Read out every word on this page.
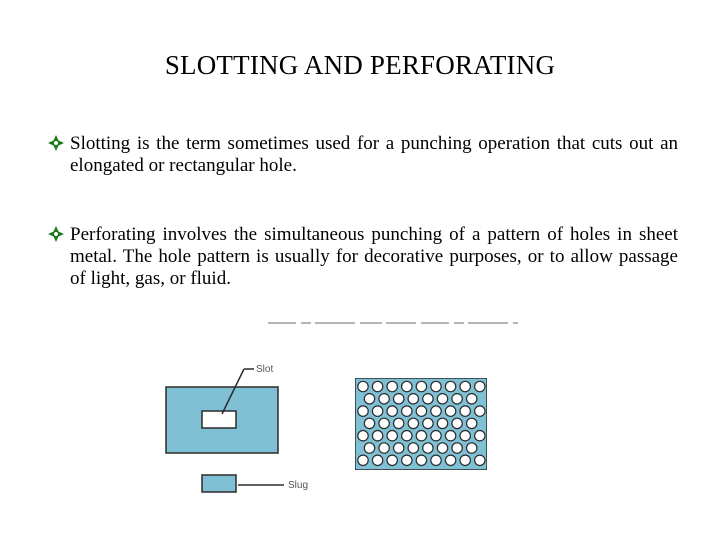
SLOTTING AND PERFORATING
Slotting is the term sometimes used for a punching operation that cuts out an elongated or rectangular hole.
Perforating involves the simultaneous punching of a pattern of holes in sheet metal. The hole pattern is usually for decorative purposes, or to allow passage of light, gas, or fluid.
Slot
Slug
